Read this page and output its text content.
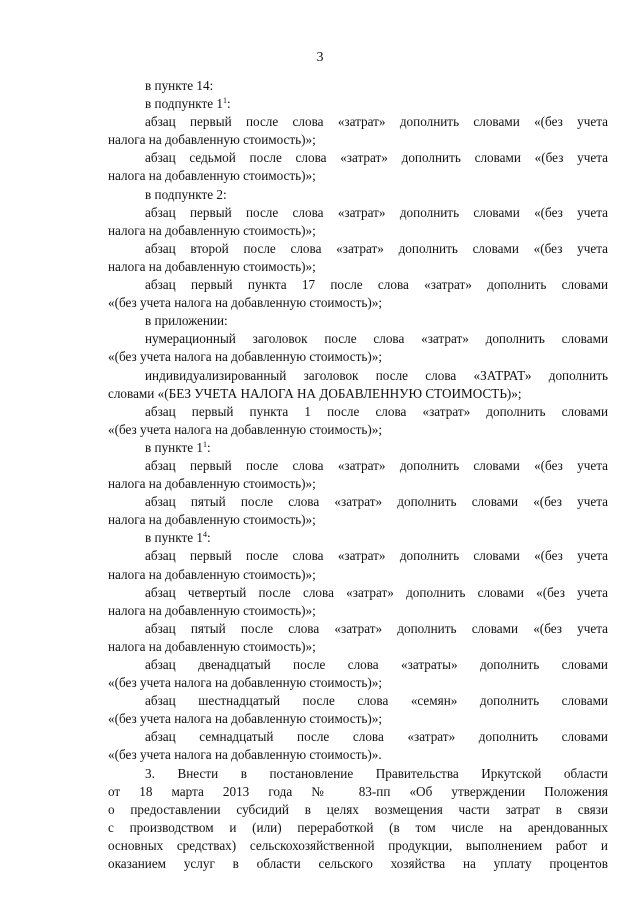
3
в пункте 14:
в подпункте $1^1$:
абзац первый после слова «затрат» дополнить словами «(без учета
налога на добавленную стоимость)»;
абзац седьмой после слова «затрат» дополнить словами «(без учета
налога на добавленную стоимость)»;
в подпункте 2:
абзац первый после слова «затрат» дополнить словами «(без учета
налога на добавленную стоимость)»;
абзац второй после слова «затрат» дополнить словами «(без учета
налога на добавленную стоимость)»;
абзац первый пункта 17 после слова «затрат» дополнить словами
«(без учета налога на добавленную стоимость)»;
в приложении:
нумерационный заголовок после слова «затрат» дополнить словами
«(без учета налога на добавленную стоимость)»;
индивидуализированный заголовок после слова «ЗАТРАТ» дополнить
словами «(БЕЗ УЧЕТА НАЛОГА НА ДОБАВЛЕННУЮ СТОИМОСТЬ)»;
абзац первый пункта 1 после слова «затрат» дополнить словами
«(без учета налога на добавленную стоимость)»;
в пункте $1^1$:
абзац первый после слова «затрат» дополнить словами «(без учета
налога на добавленную стоимость)»;
абзац пятый после слова «затрат» дополнить словами «(без учета
налога на добавленную стоимость)»;
в пункте $1^4$:
абзац первый после слова «затрат» дополнить словами «(без учета
налога на добавленную стоимость)»;
абзац четвертый после слова «затрат» дополнить словами «(без учета
налога на добавленную стоимость)»;
абзац пятый после слова «затрат» дополнить словами «(без учета
налога на добавленную стоимость)»;
абзац двенадцатый после слова «затраты» дополнить словами
«(без учета налога на добавленную стоимость)»;
абзац шестнадцатый после слова «семян» дополнить словами
«(без учета налога на добавленную стоимость)»;
абзац семнадцатый после слова «затрат» дополнить словами
«(без учета налога на добавленную стоимость)».
3. Внести в постановление Правительства Иркутской области
от 18 марта 2013 года № 83-пп «Об утверждении Положения
о предоставлении субсидий в целях возмещения части затрат в связи
с производством и (или) переработкой (в том числе на арендованных
основных средствах) сельскохозяйственной продукции, выполнением работ и
оказанием услуг в области сельского хозяйства на уплату процентов
